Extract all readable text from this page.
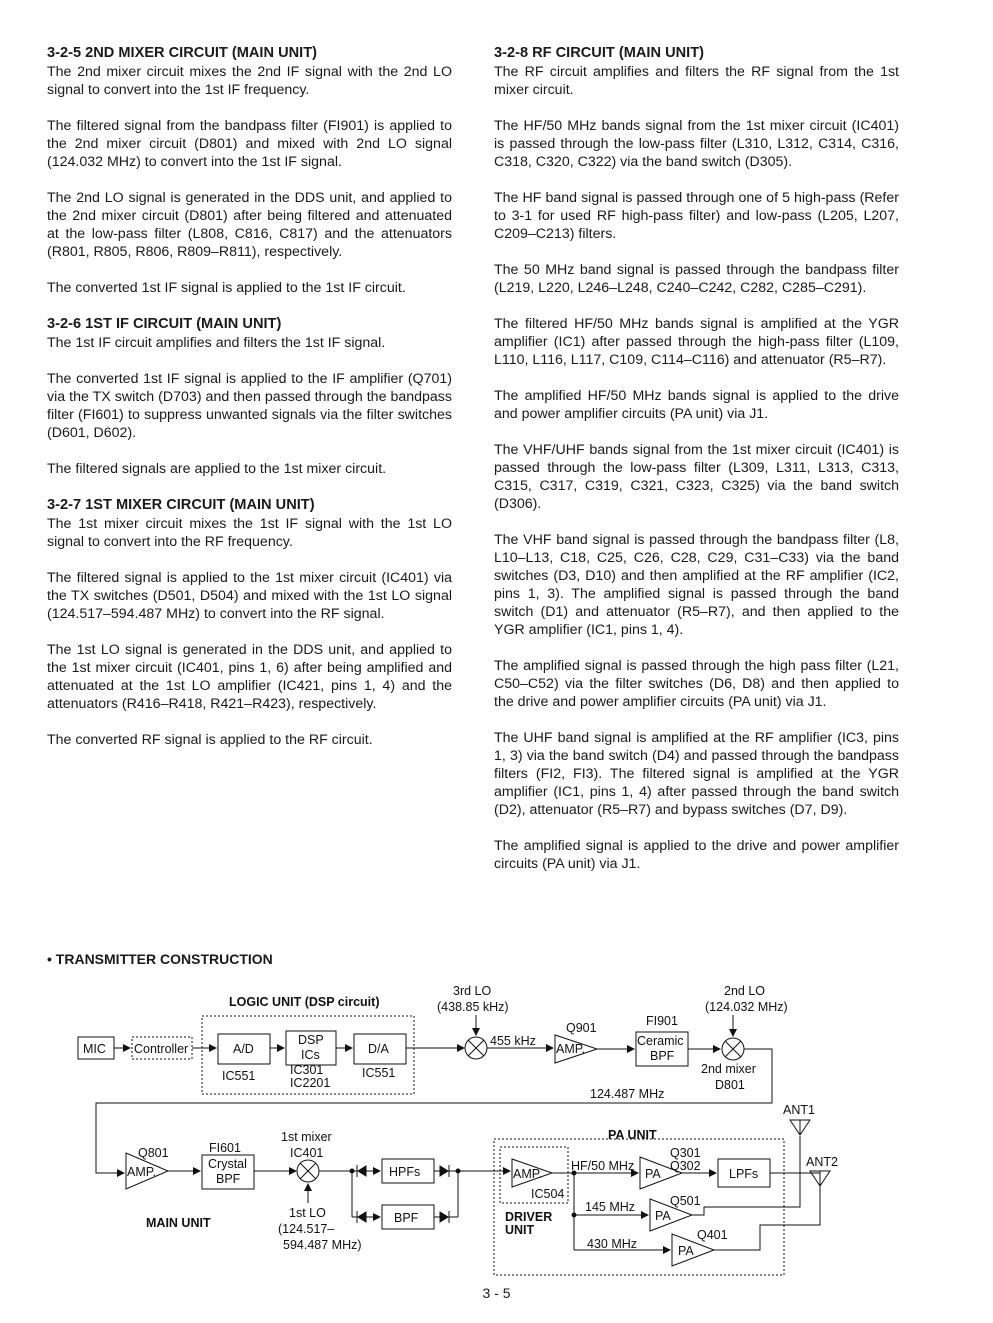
3-2-5 2ND MIXER CIRCUIT (MAIN UNIT)

The 2nd mixer circuit mixes the 2nd IF signal with the 2nd LO signal to convert into the 1st IF frequency.

The filtered signal from the bandpass filter (FI901) is applied to the 2nd mixer circuit (D801) and mixed with 2nd LO signal (124.032 MHz) to convert into the 1st IF signal.

The 2nd LO signal is generated in the DDS unit, and applied to the 2nd mixer circuit (D801) after being filtered and attenuated at the low-pass filter (L808, C816, C817) and the attenuators (R801, R805, R806, R809–R811), respectively.

The converted 1st IF signal is applied to the 1st IF circuit.

3-2-6 1ST IF CIRCUIT (MAIN UNIT)

The 1st IF circuit amplifies and filters the 1st IF signal.

The converted 1st IF signal is applied to the IF amplifier (Q701) via the TX switch (D703) and then passed through the bandpass filter (FI601) to suppress unwanted signals via the filter switches (D601, D602).

The filtered signals are applied to the 1st mixer circuit.

3-2-7 1ST MIXER CIRCUIT (MAIN UNIT)

The 1st mixer circuit mixes the 1st IF signal with the 1st LO signal to convert into the RF frequency.

The filtered signal is applied to the 1st mixer circuit (IC401) via the TX switches (D501, D504) and mixed with the 1st LO signal (124.517–594.487 MHz) to convert into the RF signal.

The 1st LO signal is generated in the DDS unit, and applied to the 1st mixer circuit (IC401, pins 1, 6) after being amplified and attenuated at the 1st LO amplifier (IC421, pins 1, 4) and the attenuators (R416–R418, R421–R423), respectively.

The converted RF signal is applied to the RF circuit.

3-2-8 RF CIRCUIT (MAIN UNIT)

The RF circuit amplifies and filters the RF signal from the 1st mixer circuit.

The HF/50 MHz bands signal from the 1st mixer circuit (IC401) is passed through the low-pass filter (L310, L312, C314, C316, C318, C320, C322) via the band switch (D305).

The HF band signal is passed through one of 5 high-pass (Refer to 3-1 for used RF high-pass filter) and low-pass (L205, L207, C209–C213) filters.

The 50 MHz band signal is passed through the bandpass filter (L219, L220, L246–L248, C240–C242, C282, C285–C291).

The filtered HF/50 MHz bands signal is amplified at the YGR amplifier (IC1) after passed through the high-pass filter (L109, L110, L116, L117, C109, C114–C116) and attenuator (R5–R7).

The amplified HF/50 MHz bands signal is applied to the drive and power amplifier circuits (PA unit) via J1.

The VHF/UHF bands signal from the 1st mixer circuit (IC401) is passed through the low-pass filter (L309, L311, L313, C313, C315, C317, C319, C321, C323, C325) via the band switch (D306).

The VHF band signal is passed through the bandpass filter (L8, L10–L13, C18, C25, C26, C28, C29, C31–C33) via the band switches (D3, D10) and then amplified at the RF amplifier (IC2, pins 1, 3). The amplified signal is passed through the band switch (D1) and attenuator (R5–R7), and then applied to the YGR amplifier (IC1, pins 1, 4).

The amplified signal is passed through the high pass filter (L21, C50–C52) via the filter switches (D6, D8) and then applied to the drive and power amplifier circuits (PA unit) via J1.

The UHF band signal is amplified at the RF amplifier (IC3, pins 1, 3) via the band switch (D4) and passed through the bandpass filters (FI2, FI3). The filtered signal is amplified at the YGR amplifier (IC1, pins 1, 4) after passed through the band switch (D2), attenuator (R5–R7) and bypass switches (D7, D9).

The amplified signal is applied to the drive and power amplifier circuits (PA unit) via J1.

• TRANSMITTER CONSTRUCTION
MIC Controller
LOGIC UNIT (DSP circuit)
A/D
IC551
DSP
ICs
IC301
IC2201
D/A
IC551
3rd LO
(438.85 kHz)
455 kHz
Q901
AMP.
FI901
Ceramic
BPF
2nd LO
(124.032 MHz)
2nd mixer
D801
124.487 MHz
ANT1
Q801
AMP.
FI601
Crystal
BPF
1st mixer
IC401
1st LO
(124.517–
594.487 MHz)
MAIN UNIT
HPFs
BPF
PA UNIT
AMP.
IC504
DRIVER
UNIT
HF/50 MHz
Q301
Q302
PA	LPFs
ANT2
145 MHz	Q501
PA
430 MHz
Q401
PA
3 - 5
